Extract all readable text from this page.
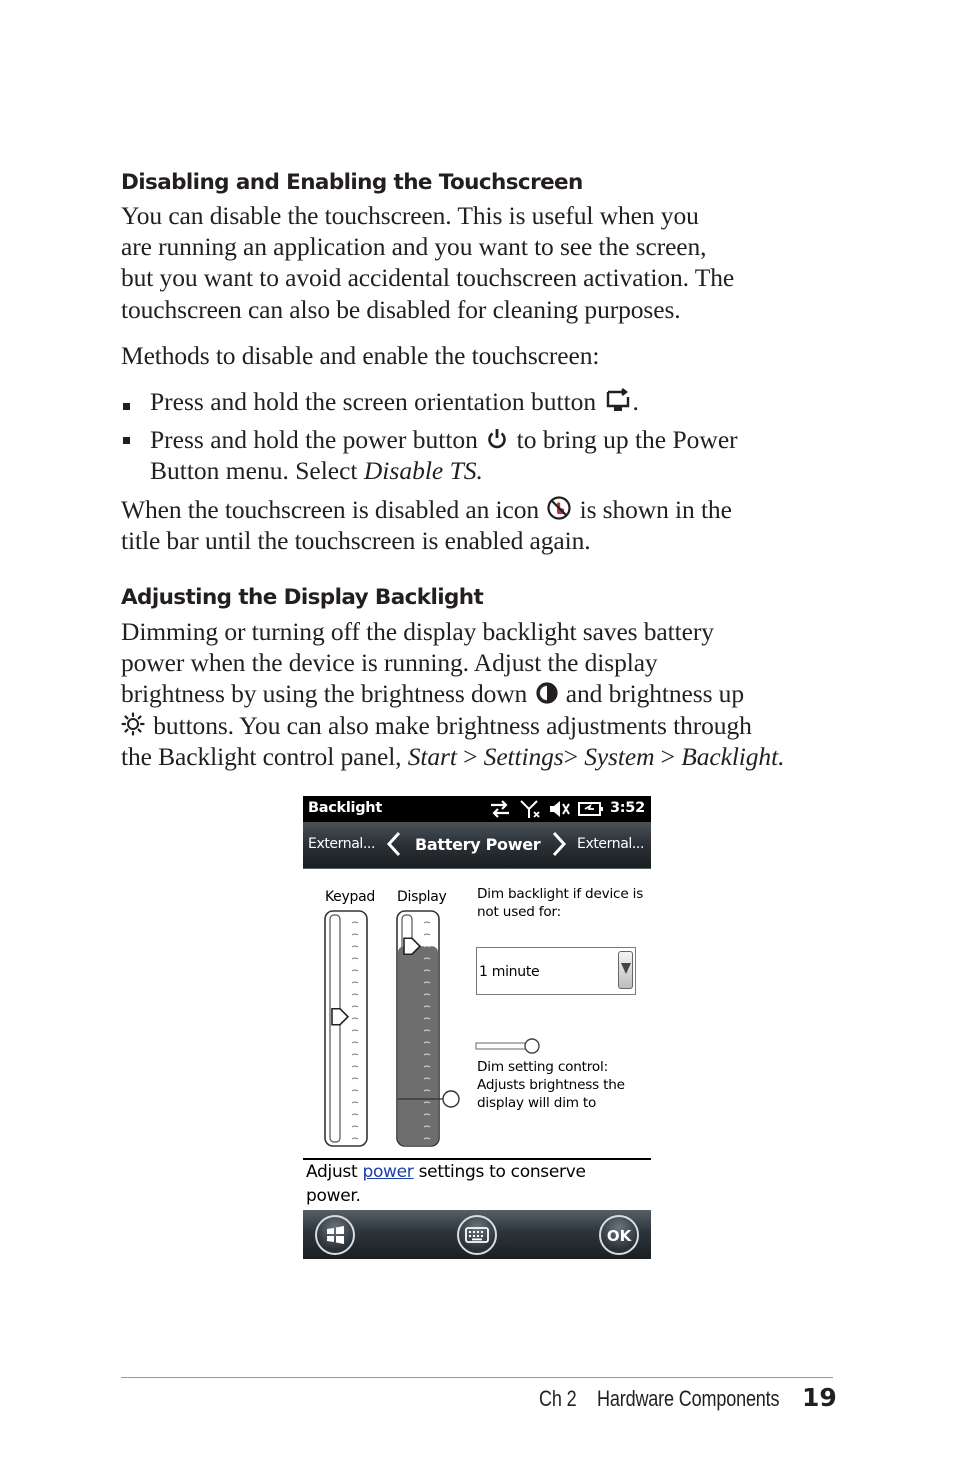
Disabling and Enabling the Touchscreen
You can disable the touchscreen. This is useful when you
are running an application and you want to see the screen,
but you want to avoid accidental touchscreen activation. The
touchscreen can also be disabled for cleaning purposes.
Methods to disable and enable the touchscreen:
Press and hold the screen orientation button .
Press and hold the power button to bring up the Power
Button menu. Select Disable TS.
When the touchscreen is disabled an icon is shown in the
title bar until the touchscreen is enabled again.
Adjusting the Display Backlight
Dimming or turning off the display backlight saves battery
power when the device is running. Adjust the display
brightness by using the brightness down and brightness up
buttons. You can also make brightness adjustments through
the Backlight control panel, Start > Settings> System > Backlight.
Backlight	3:52
External... Battery Power	External...
Keypad Display Dim backlight if device is
not used for:
1 minute
Dim setting control:
Adjusts brightness the
display will dim to
Adjust power settings to conserve
power.
OK
Ch 2 Hardware Components 19
